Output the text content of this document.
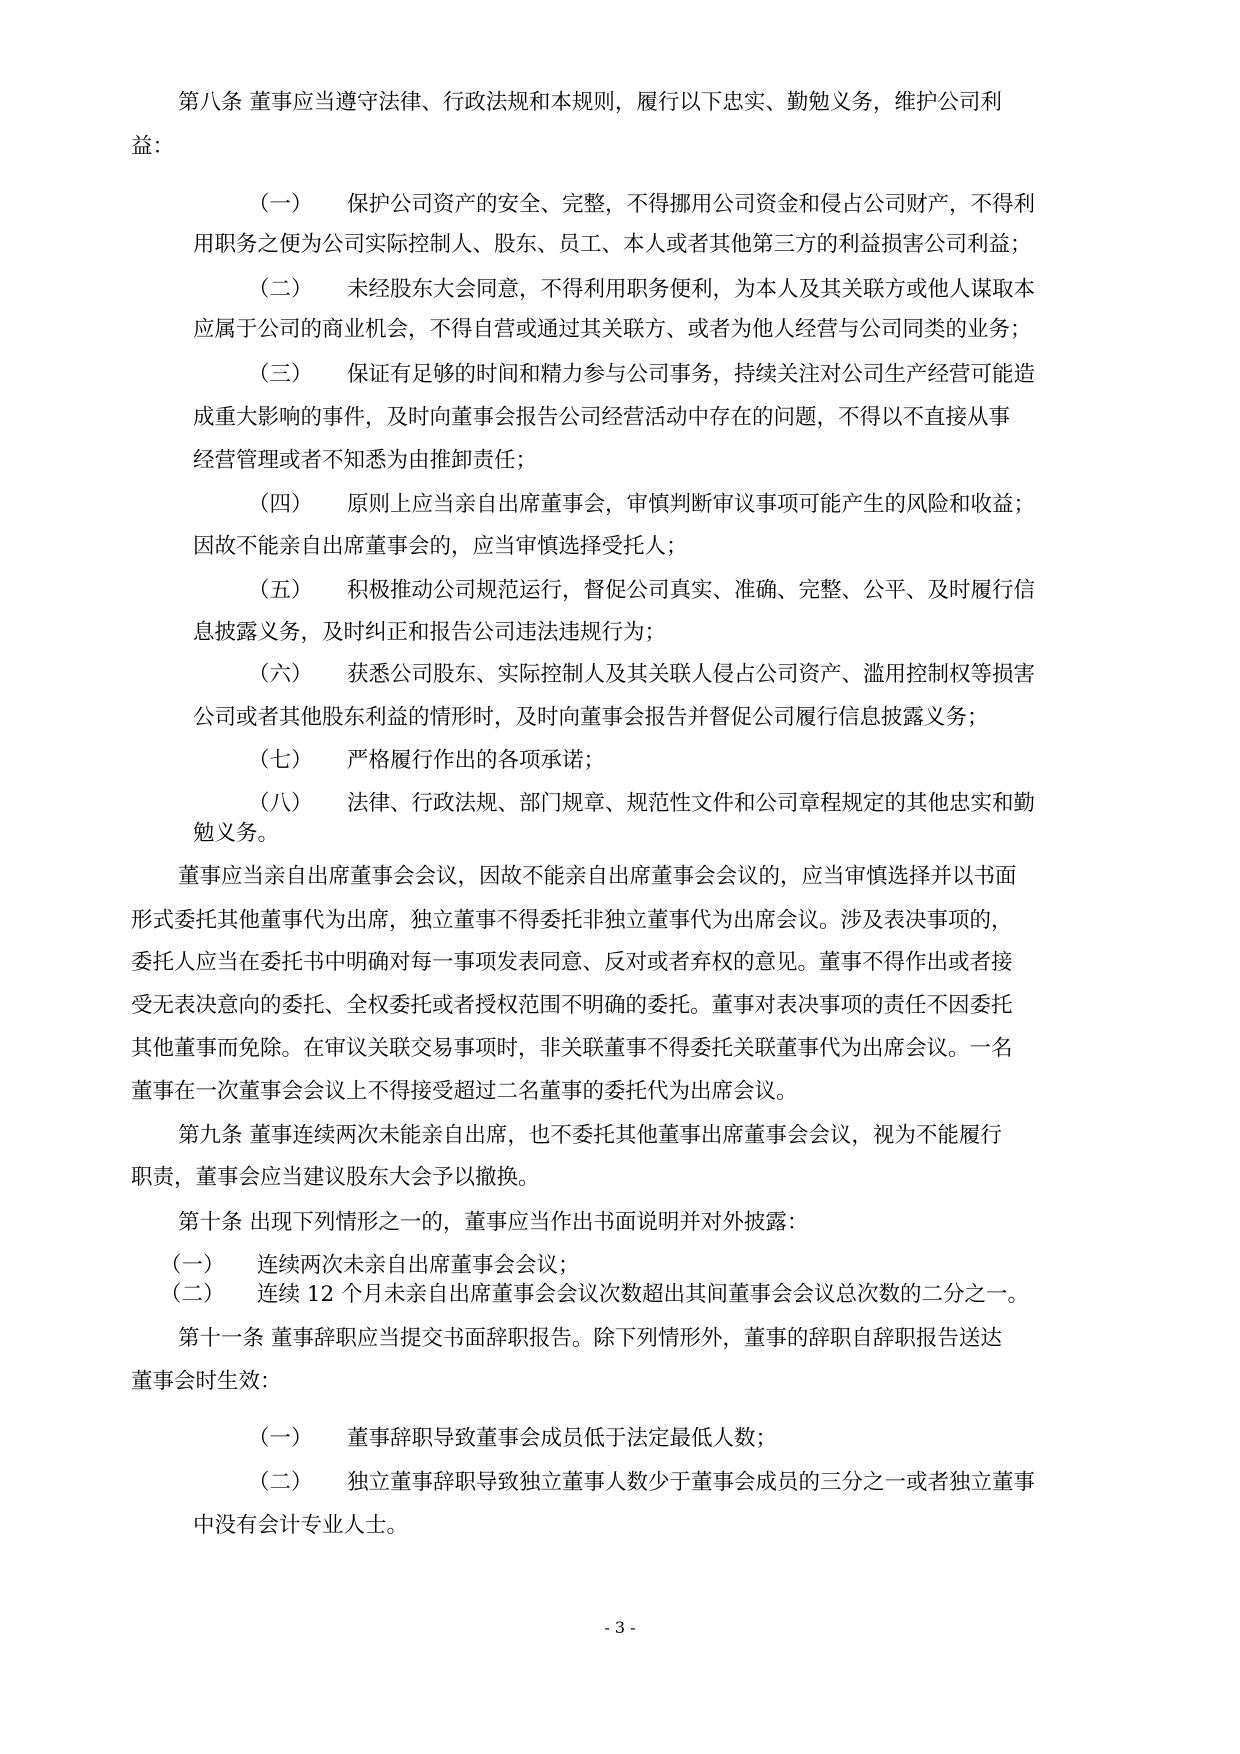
第八条 董事应当遵守法律、行政法规和本规则，履行以下忠实、勤勉义务，维护公司利
益：
（一） 保护公司资产的安全、完整，不得挪用公司资金和侵占公司财产，不得利
用职务之便为公司实际控制人、股东、员工、本人或者其他第三方的利益损害公司利益；
（二） 未经股东大会同意，不得利用职务便利，为本人及其关联方或他人谋取本
应属于公司的商业机会，不得自营或通过其关联方、或者为他人经营与公司同类的业务；
（三） 保证有足够的时间和精力参与公司事务，持续关注对公司生产经营可能造
成重大影响的事件，及时向董事会报告公司经营活动中存在的问题，不得以不直接从事
经营管理或者不知悉为由推卸责任；
（四） 原则上应当亲自出席董事会，审慎判断审议事项可能产生的风险和收益；
因故不能亲自出席董事会的，应当审慎选择受托人；
（五） 积极推动公司规范运行，督促公司真实、准确、完整、公平、及时履行信
息披露义务，及时纠正和报告公司违法违规行为；
（六） 获悉公司股东、实际控制人及其关联人侵占公司资产、滥用控制权等损害
公司或者其他股东利益的情形时，及时向董事会报告并督促公司履行信息披露义务；
（七） 严格履行作出的各项承诺；
（八） 法律、行政法规、部门规章、规范性文件和公司章程规定的其他忠实和勤
勉义务。
董事应当亲自出席董事会会议，因故不能亲自出席董事会会议的，应当审慎选择并以书面
形式委托其他董事代为出席，独立董事不得委托非独立董事代为出席会议。涉及表决事项的，
委托人应当在委托书中明确对每一事项发表同意、反对或者弃权的意见。董事不得作出或者接
受无表决意向的委托、全权委托或者授权范围不明确的委托。董事对表决事项的责任不因委托
其他董事而免除。在审议关联交易事项时，非关联董事不得委托关联董事代为出席会议。一名
董事在一次董事会会议上不得接受超过二名董事的委托代为出席会议。
第九条 董事连续两次未能亲自出席，也不委托其他董事出席董事会会议，视为不能履行
职责，董事会应当建议股东大会予以撤换。
第十条 出现下列情形之一的，董事应当作出书面说明并对外披露：
（一） 连续两次未亲自出席董事会会议；
（二） 连续 12 个月未亲自出席董事会会议次数超出其间董事会会议总次数的二分之一。
第十一条 董事辞职应当提交书面辞职报告。除下列情形外，董事的辞职自辞职报告送达
董事会时生效：
（一） 董事辞职导致董事会成员低于法定最低人数；
（二） 独立董事辞职导致独立董事人数少于董事会成员的三分之一或者独立董事
中没有会计专业人士。
- 3 -
